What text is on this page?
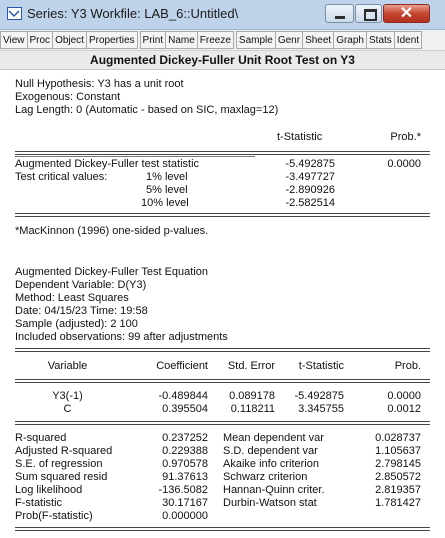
Series: Y3 Workfile: LAB_6::Untitled\	✕
View Proc Object Properties Print Name Freeze Sample Genr Sheet Graph Stats Ident
Augmented Dickey-Fuller Unit Root Test on Y3
Null Hypothesis: Y3 has a unit root
Exogenous: Constant
Lag Length: 0 (Automatic - based on SIC, maxlag=12)
t-Statistic	Prob.*
Augmented Dickey-Fuller test statistic	-5.492875	0.0000
Test critical values:	1% level	-3.497727
5% level	-2.890926
10% level	-2.582514
*MacKinnon (1996) one-sided p-values.
Augmented Dickey-Fuller Test Equation
Dependent Variable: D(Y3)
Method: Least Squares
Date: 04/15/23 Time: 19:58
Sample (adjusted): 2 100
Included observations: 99 after adjustments
Variable	Coefficient	Std. Error	t-Statistic	Prob.
Y3(-1)	-0.489844	0.089178	-5.492875	0.0000
C	0.395504	0.118211	3.345755	0.0012
R-squared	0.237252 Mean dependent var	0.028737
Adjusted R-squared	0.229388 S.D. dependent var	1.105637
S.E. of regression	0.970578 Akaike info criterion	2.798145
Sum squared resid	91.37613 Schwarz criterion	2.850572
Log likelihood	-136.5082 Hannan-Quinn criter.	2.819357
F-statistic	30.17167 Durbin-Watson stat	1.781427
Prob(F-statistic)	0.000000
